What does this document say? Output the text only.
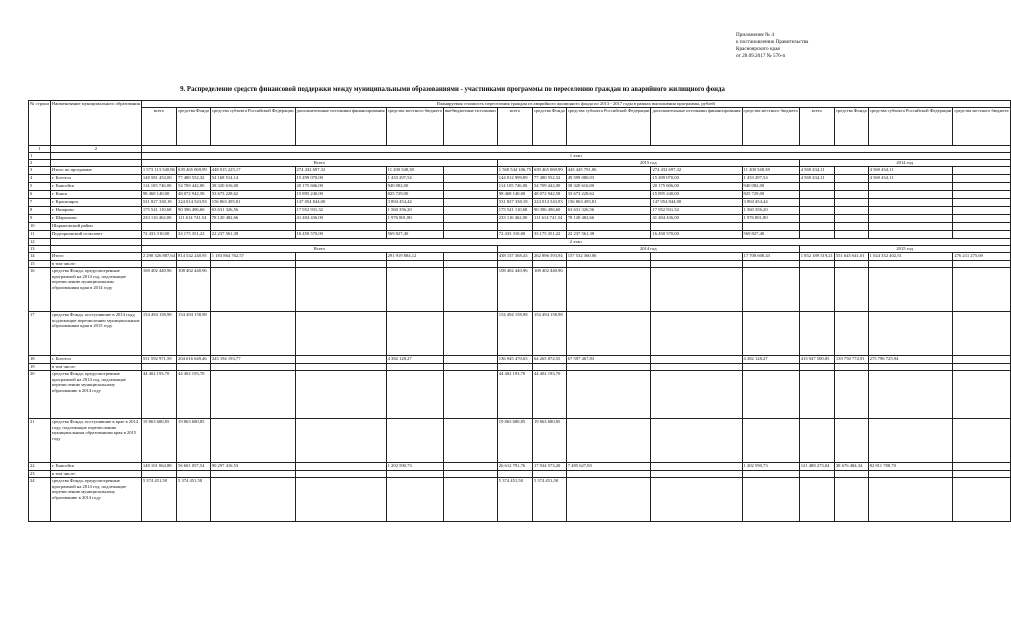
Приложение № 4
к постановлению Правительства
Красноярского края
от 28.09.2017 № 576-п
9. Распределение средств финансовой поддержки между муниципальными образованиями - участниками программы по переселению граждан из аварийного жилищного фонда
№ строки	Наименование муниципального образования	Планируемая стоимость переселения граждан из аварийного жилищного фонда по 2013 - 2017 годы в рамках выполнения программы, рублей														
		всего	средства Фонда	средства субъекта Российской Федерации	дополнительные источники финансирования	средства местного бюджета	внебюджетные источники	всего	средства Фонда	средства субъекта Российской Федерации	дополнительные источники финансирования	средства местного бюджета	всего	средства Фонда	средства субъекта Российской Федерации	средства местного бюджета
1	2															
1		1 этап														
2		Всего						2015 год					2014 год			
3	Итого по программе	1 573 113 540,86	639 465 069,99	448 015 225,17	274 432 697,32	11 200 548,38		1 568 544 106,75	639 465 069,99	443 445 791,06	274 432 697,32	11 200 548,38	4 569 434,11		4 569 434,11	
4	г. Боготол	148 581 454,00	77 480 552,32	54 168 514,14	15 499 070,00	1 433 297,54		144 012 999,89	77 480 552,32	49 599 080,03	15 499 070,00	1 433 297,54	4 569 434,11		4 569 434,11	
5	г. Енисейск	114 105 746,00	54 709 442,00	38 320 616,00	20 175 606,00	940 082,00		114 105 746,00	54 709 442,00	38 320 616,00	20 175 606,00	940 082,00				
6	г. Канск	98 468 140,00	48 072 942,58	33 673 228,62	15 895 240,00	825 729,00		98 468 140,00	48 072 942,58	33 673 228,62	15 895 240,00	825 729,00				
7	г. Красноярск	531 827 338,18	224 014 543,93	156 863 495,81	147 054 844,00	3 894 454,44		531 827 338,18	224 014 543,93	156 863 495,81	147 054 844,00	3 894 454,44				
8	г. Назарово	175 541 110,68	90 396 496,60	63 631 326,56	17 952 931,32	1 560 356,20		175 541 110,68	90 396 496,60	63 631 326,56	17 952 931,32	1 560 356,20				
9	г. Шарыпово	233 116 462,00	111 614 741,54	78 120 482,66	41 404 436,00	1 976 801,80		233 116 462,00	111 614 741,54	78 120 482,66	41 404 436,00	1 976 801,80				
10	Шарыповский район															
11	Подгорновский сельсовет	72 433 310,00	33 175 351,22	22 237 561,38	16 450 570,00	569 827,40		72 433 310,00	33 175 351,22	22 237 561,38	16 450 570,00	569 827,40				
12		2 этап														
13		Всего						2014 год					2015 год			
14	Итого	2 290 326 887,64	814 542 240,95	1 183 864 762,57		291 919 884,12		438 137 368,43	262 896 593,94	157 532 360,06		17 708 608,43	1 852 189 519,21	551 645 641,01	1 024 332 402,51	276 211 275,69
15	в том числе:															
16	средства Фонда, предусмотренные программой на 2014 год, подлежащие перечислению муниципальным образованиям края в 2014 году	108 402 440,96	108 402 440,96					108 402 440,96	108 402 440,96							
17	средства Фонда, поступившие в 2014 году, подлежащие перечислению муниципальным образованиям края в 2015 году	154 494 158,98	154 494 158,98					154 494 158,98	154 494 158,98							
18	г. Боготол	551 592 971,59	204 016 649,46	343 194 193,77		4 382 128,27		136 945 470,65	64 265 874,55	67 597 467,83		4 282 128,27	415 947 500,85	139 750 774,91	275 796 725,94	
19	в том числе:															
20	средства Фонда, предусмотренные программой на 2014 год, подлежащие перечислению муниципальному образованию в 2014 году	44 402 193,70	44 402 193,70					44 402 193,70	44 402 193,70							
21	средства Фонда, поступившие в крае в 2014 году, подлежащие перечислению муниципальным образованиям края в 2015 году	19 863 680,85	19 863 680,85					19 863 680,85	19 863 680,85							
22	г. Енисейск	148 101 064,88	56 601 057,54	90 297 416,53		1 202 590,73		26 612 791,76	17 924 573,20	7 485 627,83		1 202 590,73	121 488 273,04	38 676 484,34	82 811 788,70	
23	в том числе:															
24	средства Фонда, предусмотренные программой на 2014 год, подлежащие перечислению муниципальному образованию в 2014 году	5 374 451,58	5 374 451,58					5 374 451,58	5 374 451,58							
